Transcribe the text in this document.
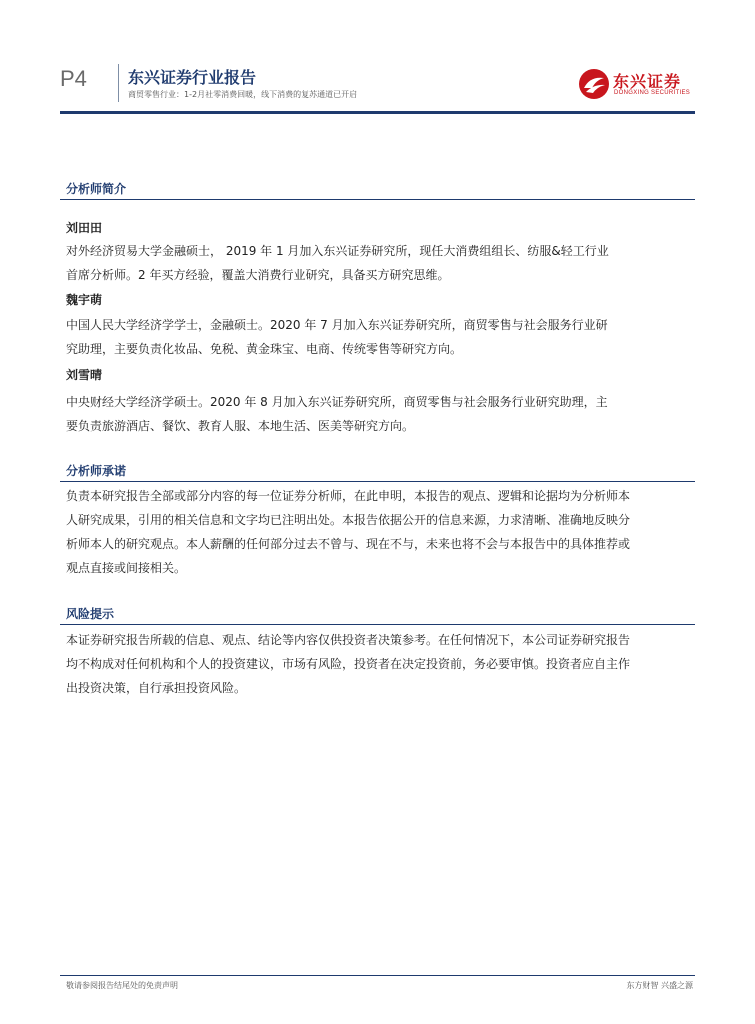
P4	东兴证券行业报告
商贸零售行业：1-2月社零消费回暖，线下消费的复苏通道已开启
东兴证券
DONGXING SECURITIES
分析师简介
刘田田
对外经济贸易大学金融硕士， 2019 年 1 月加入东兴证券研究所，现任大消费组组长、纺服&轻工行业
首席分析师。2 年买方经验，覆盖大消费行业研究，具备买方研究思维。
魏宇萌
中国人民大学经济学学士，金融硕士。2020 年 7 月加入东兴证券研究所，商贸零售与社会服务行业研
究助理，主要负责化妆品、免税、黄金珠宝、电商、传统零售等研究方向。
刘雪晴
中央财经大学经济学硕士。2020 年 8 月加入东兴证券研究所，商贸零售与社会服务行业研究助理，主
要负责旅游酒店、餐饮、教育人服、本地生活、医美等研究方向。
分析师承诺
负责本研究报告全部或部分内容的每一位证券分析师，在此申明，本报告的观点、逻辑和论据均为分析师本
人研究成果，引用的相关信息和文字均已注明出处。本报告依据公开的信息来源，力求清晰、准确地反映分
析师本人的研究观点。本人薪酬的任何部分过去不曾与、现在不与，未来也将不会与本报告中的具体推荐或
观点直接或间接相关。
风险提示
本证券研究报告所载的信息、观点、结论等内容仅供投资者决策参考。在任何情况下，本公司证券研究报告
均不构成对任何机构和个人的投资建议，市场有风险，投资者在决定投资前，务必要审慎。投资者应自主作
出投资决策，自行承担投资风险。
敬请参阅报告结尾处的免责声明	东方财智 兴盛之源
